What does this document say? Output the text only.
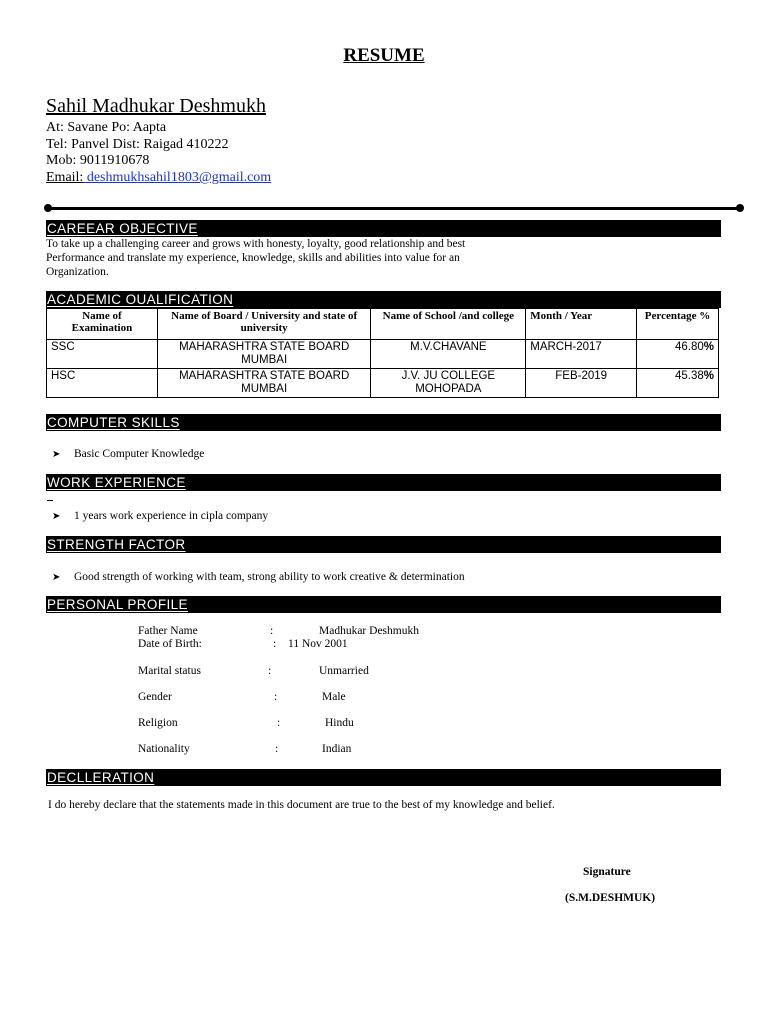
RESUME
Sahil Madhukar Deshmukh
At: Savane Po: Aapta
Tel: Panvel Dist: Raigad 410222
Mob: 9011910678
Email: deshmukhsahil1803@gmail.com
CAREEAR OBJECTIVE
To take up a challenging career and grows with honesty, loyalty, good relationship and best
Performance and translate my experience, knowledge, skills and abilities into value for an
Organization.
ACADEMIC OUALIFICATION
Name of Examination	Name of Board / University and state of university	Name of School /and college	Month / Year	Percentage %
SSC	MAHARASHTRA STATE BOARD MUMBAI	M.V.CHAVANE	MARCH-2017	46.80%
HSC	MAHARASHTRA STATE BOARD MUMBAI	J.V. JU COLLEGE MOHOPADA	FEB-2019	45.38%
COMPUTER SKILLS
➤ Basic Computer Knowledge
WORK EXPERIENCE
➤ 1 years work experience in cipla company
STRENGTH FACTOR
➤ Good strength of working with team, strong ability to work creative & determination
PERSONAL PROFILE
Father Name	:	Madhukar Deshmukh
Date of Birth:	: 11 Nov 2001
Marital status	:	Unmarried
Gender	:	Male
Religion	:	Hindu
Nationality	:	Indian
DECLLERATION
I do hereby declare that the statements made in this document are true to the best of my knowledge and belief.
Signature
(S.M.DESHMUK)
